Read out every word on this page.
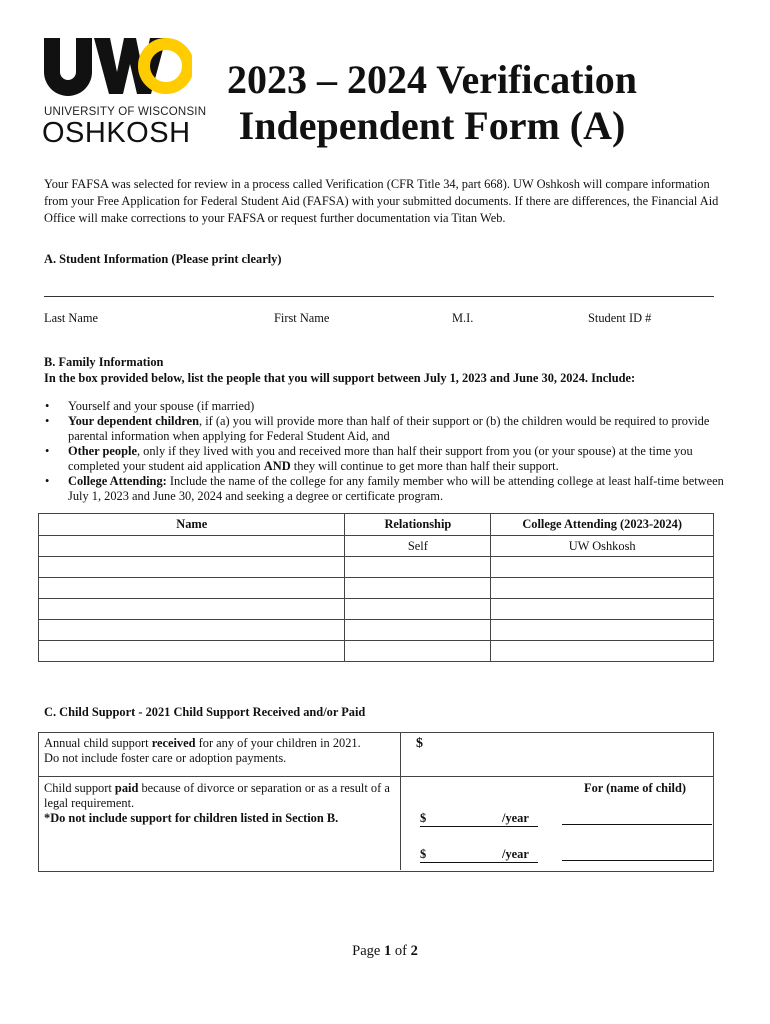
UNIVERSITY OF WISCONSIN
OSHKOSH
2023 – 2024 Verification
Independent Form (A)
Your FAFSA was selected for review in a process called Verification (CFR Title 34, part 668). UW Oshkosh will compare information from your Free Application for Federal Student Aid (FAFSA) with your submitted documents. If there are differences, the Financial Aid Office will make corrections to your FAFSA or request further documentation via Titan Web.
A. Student Information (Please print clearly)
Last Name	First Name	M.I.	Student ID #
B. Family Information
In the box provided below, list the people that you will support between July 1, 2023 and June 30, 2024. Include:
• Yourself and your spouse (if married)
• Your dependent children, if (a) you will provide more than half of their support or (b) the children would be required to provide parental information when applying for Federal Student Aid, and
• Other people, only if they lived with you and received more than half their support from you (or your spouse) at the time you completed your student aid application AND they will continue to get more than half their support.
• College Attending: Include the name of the college for any family member who will be attending college at least half-time between July 1, 2023 and June 30, 2024 and seeking a degree or certificate program.
Name	Relationship	College Attending (2023-2024)
	Self	UW Oshkosh

C. Child Support - 2021 Child Support Received and/or Paid
Annual child support received for any of your children in 2021.
Do not include foster care or adoption payments.
$
Child support paid because of divorce or separation or as a result of a legal requirement.
*Do not include support for children listed in Section B.
For (name of child)
$	/year
$	/year
Page 1 of 2
